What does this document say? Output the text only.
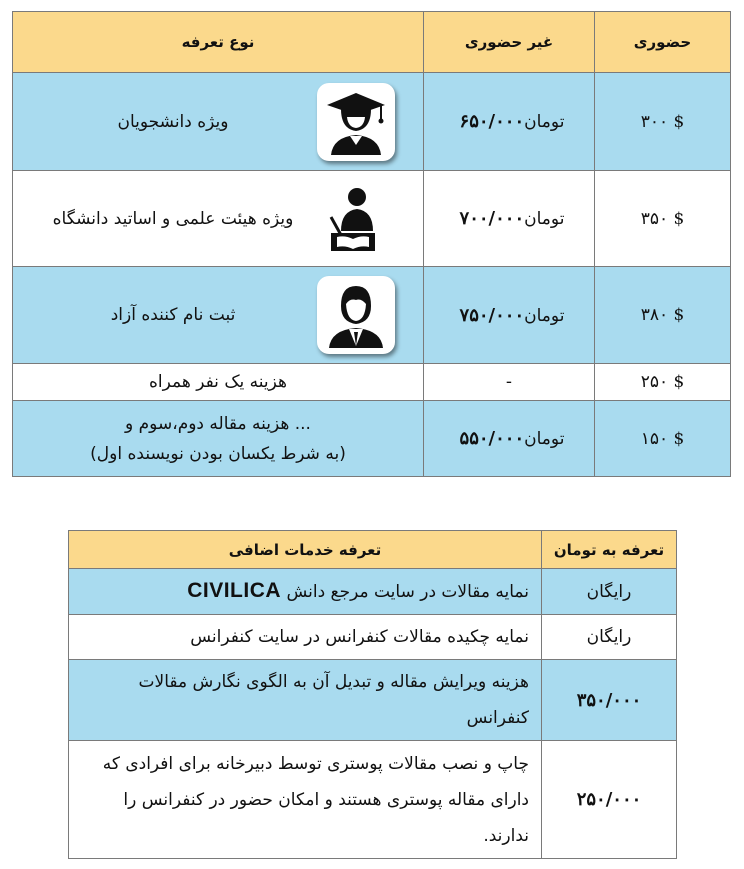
نوع تعرفه	غیر حضوری	حضوری
ویژه دانشجویان	تومان۶۵۰/۰۰۰	۳۰۰ $
ویژه هیئت علمی و اساتید دانشگاه	تومان۷۰۰/۰۰۰	۳۵۰ $
ثبت نام کننده آزاد	تومان۷۵۰/۰۰۰	۳۸۰ $
هزینه یک نفر همراه	-	۲۵۰ $

هزینه مقاله دوم،سوم و ...
(به شرط یکسان بودن نویسنده اول)	تومان۵۵۰/۰۰۰	۱۵۰ $
تعرفه خدمات اضافی	تعرفه به تومان
نمایه مقالات در سایت مرجع دانش CIVILICA	رایگان
نمایه چکیده مقالات کنفرانس در سایت کنفرانس	رایگان
هزینه ویرایش مقاله و تبدیل آن به الگوی نگارش مقالات کنفرانس	۳۵۰/۰۰۰
چاپ و نصب مقالات پوستری توسط دبیرخانه برای افرادی که دارای مقاله پوستری هستند و امکان حضور در کنفرانس را ندارند.	۲۵۰/۰۰۰
